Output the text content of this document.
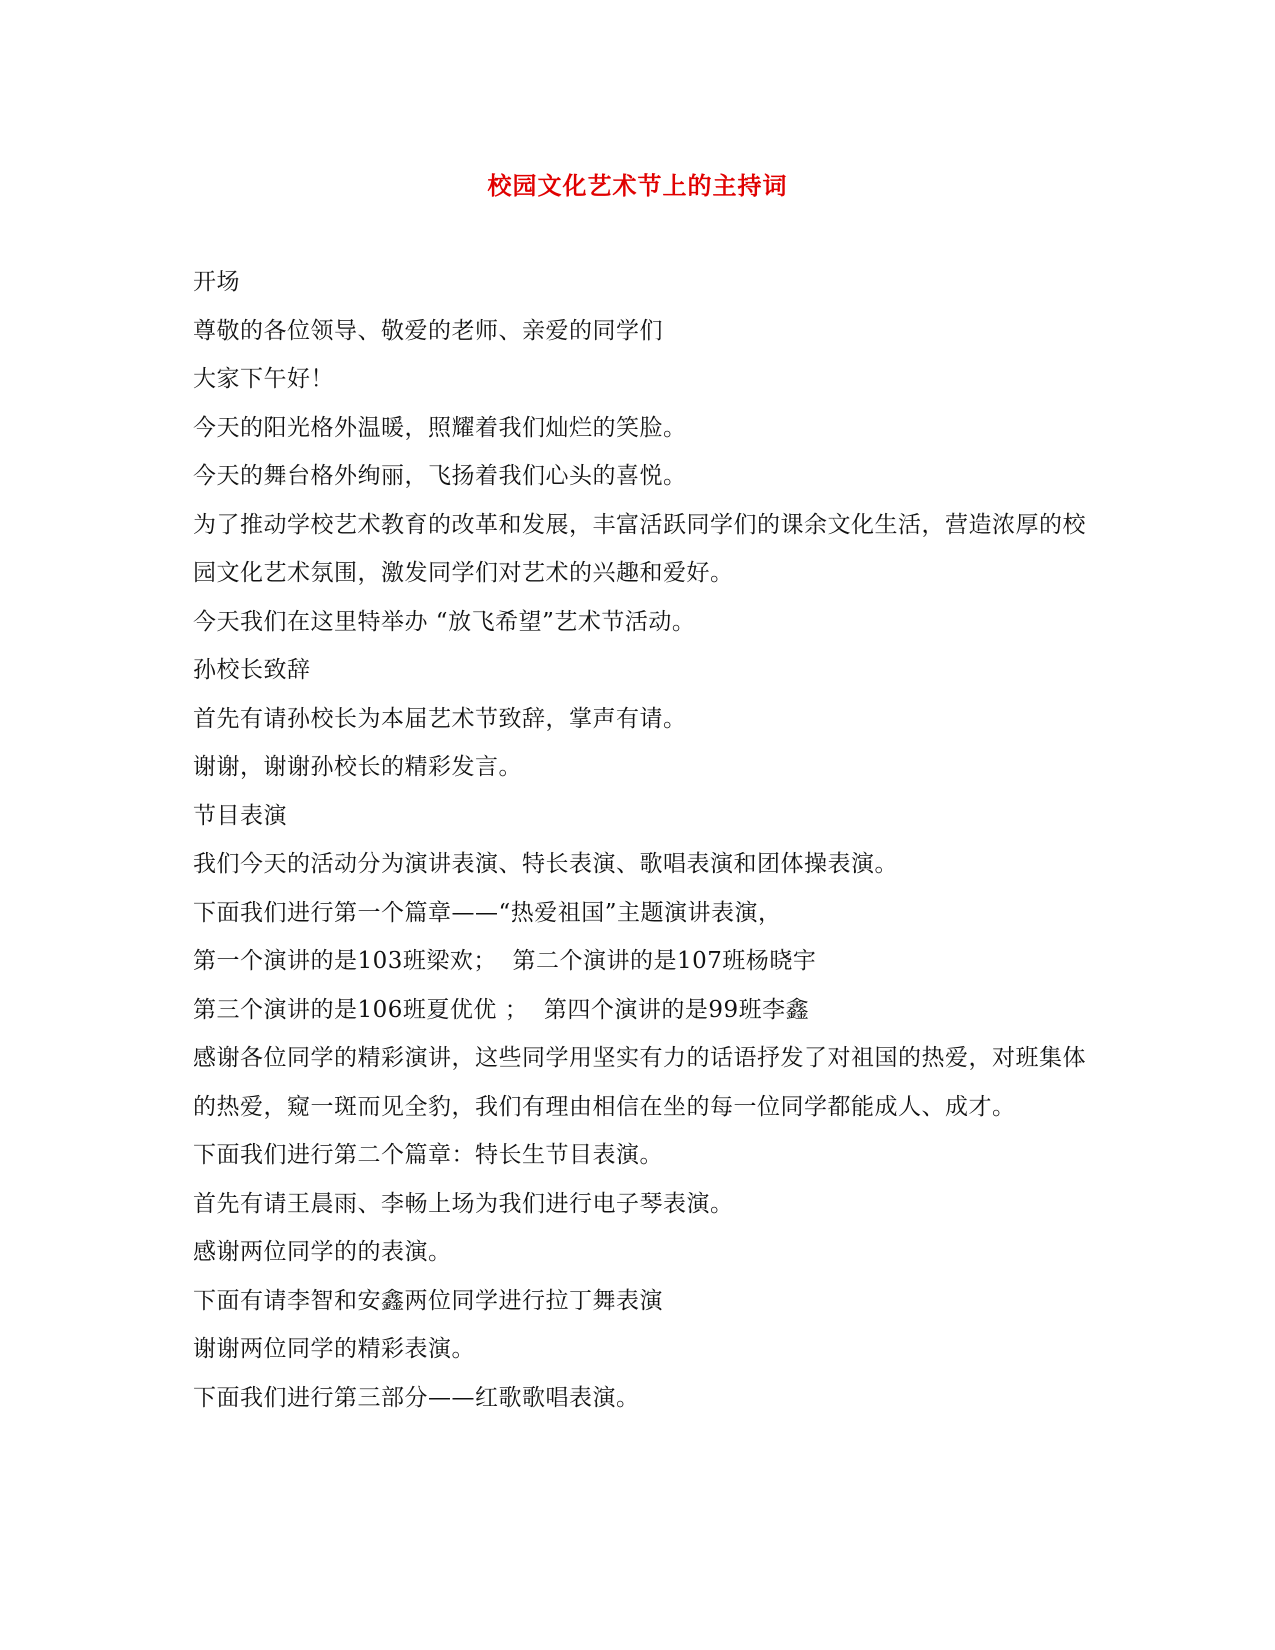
校园文化艺术节上的主持词

开场

尊敬的各位领导、敬爱的老师、亲爱的同学们

大家下午好！

今天的阳光格外温暖，照耀着我们灿烂的笑脸。

今天的舞台格外绚丽，飞扬着我们心头的喜悦。

为了推动学校艺术教育的改革和发展，丰富活跃同学们的课余文化生活，营造浓厚的校园文化艺术氛围，激发同学们对艺术的兴趣和爱好。

今天我们在这里特举办 “放飞希望”艺术节活动。

孙校长致辞

首先有请孙校长为本届艺术节致辞，掌声有请。

谢谢，谢谢孙校长的精彩发言。

节目表演

我们今天的活动分为演讲表演、特长表演、歌唱表演和团体操表演。

下面我们进行第一个篇章——“热爱祖国”主题演讲表演，

第一个演讲的是103班梁欢；  第二个演讲的是107班杨晓宇

第三个演讲的是106班夏优优 ；  第四个演讲的是99班李鑫

感谢各位同学的精彩演讲，这些同学用坚实有力的话语抒发了对祖国的热爱，对班集体的热爱，窥一斑而见全豹，我们有理由相信在坐的每一位同学都能成人、成才。

下面我们进行第二个篇章：特长生节目表演。

首先有请王晨雨、李畅上场为我们进行电子琴表演。

感谢两位同学的的表演。

下面有请李智和安鑫两位同学进行拉丁舞表演

谢谢两位同学的精彩表演。

下面我们进行第三部分——红歌歌唱表演。
